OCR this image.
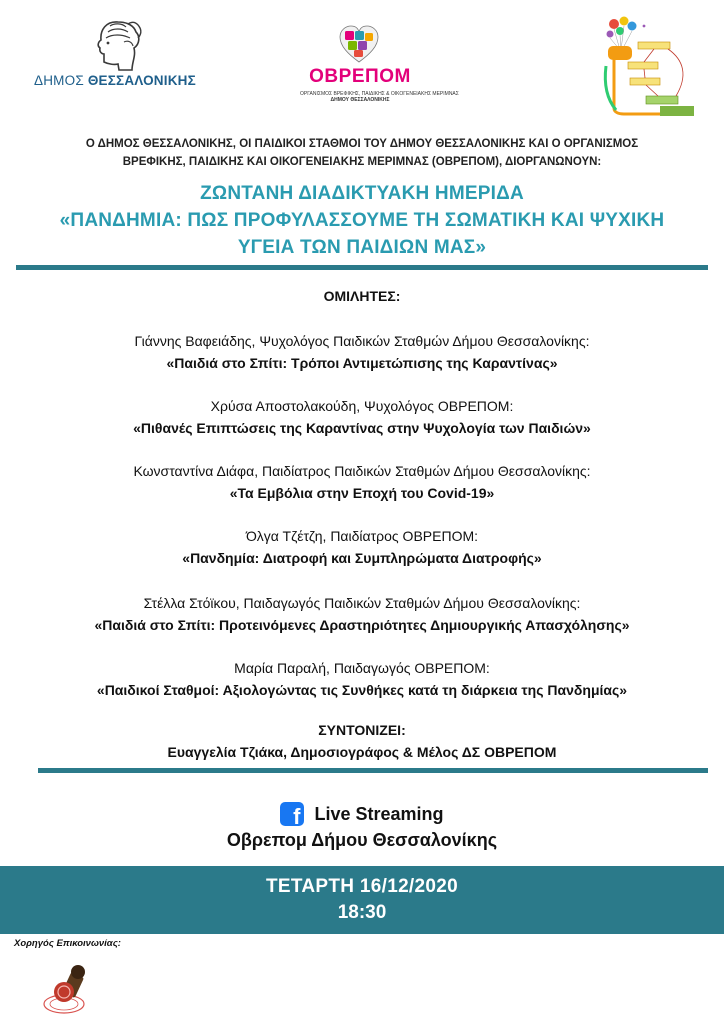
ΔΗΜΟΣ ΘΕΣΣΑΛΟΝΙΚΗΣ	ΟΒΡΕΠΟΜ
ΟΡΓΑΝΙΣΜΟΣ ΒΡΕΦΙΚΗΣ, ΠΑΙΔΙΚΗΣ & ΟΙΚΟΓΕΝΕΙΑΚΗΣ ΜΕΡΙΜΝΑΣ
ΔΗΜΟΥ ΘΕΣΣΑΛΟΝΙΚΗΣ
Ο ΔΗΜΟΣ ΘΕΣΣΑΛΟΝΙΚΗΣ, ΟΙ ΠΑΙΔΙΚΟΙ ΣΤΑΘΜΟΙ ΤΟΥ ΔΗΜΟΥ ΘΕΣΣΑΛΟΝΙΚΗΣ ΚΑΙ Ο ΟΡΓΑΝΙΣΜΟΣ
ΒΡΕΦΙΚΗΣ, ΠΑΙΔΙΚΗΣ ΚΑΙ ΟΙΚΟΓΕΝΕΙΑΚΗΣ ΜΕΡΙΜΝΑΣ (ΟΒΡΕΠΟΜ), ΔΙΟΡΓΑΝΩΝΟΥΝ:
ΖΩΝΤΑΝΗ ΔΙΑΔΙΚΤΥΑΚΗ ΗΜΕΡΙΔΑ
«ΠΑΝΔΗΜΙΑ: ΠΩΣ ΠΡΟΦΥΛΑΣΣΟΥΜΕ ΤΗ ΣΩΜΑΤΙΚΗ ΚΑΙ ΨΥΧΙΚΗ
ΥΓΕΙΑ ΤΩΝ ΠΑΙΔΙΩΝ ΜΑΣ»
ΟΜΙΛΗΤΕΣ:
Γιάννης Βαφειάδης, Ψυχολόγος Παιδικών Σταθμών Δήμου Θεσσαλονίκης:
«Παιδιά στο Σπίτι: Τρόποι Αντιμετώπισης της Καραντίνας»
Χρύσα Αποστολακούδη, Ψυχολόγος ΟΒΡΕΠΟΜ:
«Πιθανές Επιπτώσεις της Καραντίνας στην Ψυχολογία των Παιδιών»
Κωνσταντίνα Διάφα, Παιδίατρος Παιδικών Σταθμών Δήμου Θεσσαλονίκης:
«Τα Εμβόλια στην Εποχή του Covid-19»
Όλγα Τζέτζη, Παιδίατρος ΟΒΡΕΠΟΜ:
«Πανδημία: Διατροφή και Συμπληρώματα Διατροφής»
Στέλλα Στόϊκου, Παιδαγωγός Παιδικών Σταθμών Δήμου Θεσσαλονίκης:
«Παιδιά στο Σπίτι: Προτεινόμενες Δραστηριότητες Δημιουργικής Απασχόλησης»
Μαρία Παραλή, Παιδαγωγός ΟΒΡΕΠΟΜ:
«Παιδικοί Σταθμοί: Αξιολογώντας τις Συνθήκες κατά τη διάρκεια της Πανδημίας»
ΣΥΝΤΟΝΙΖΕΙ:
Ευαγγελία Τζιάκα, Δημοσιογράφος & Μέλος ΔΣ ΟΒΡΕΠΟΜ
f Live Streaming
Οβρεπομ Δήμου Θεσσαλονίκης
ΤΕΤΑΡΤΗ 16/12/2020
18:30
Χορηγός Επικοινωνίας:
